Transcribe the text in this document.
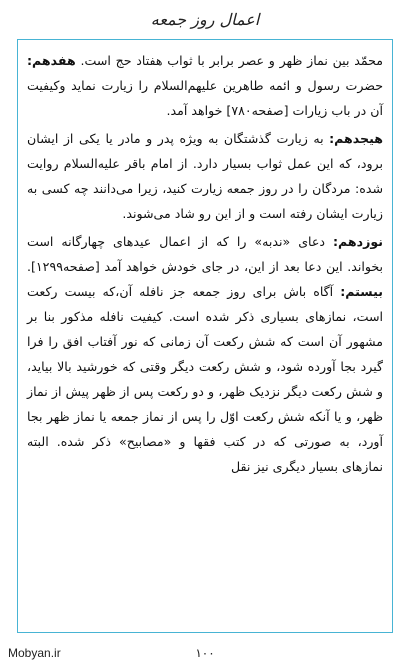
اعمال روز جمعه

محمّد بین نماز ظهر و عصر برابر با ثواب هفتاد حج است. هفدهم: حضرت رسول و ائمه طاهرین علیهم‌السلام را زیارت نماید وکیفیت آن در باب زیارات [صفحه۷۸۰] خواهد آمد.

هیجدهم: به زیارت گذشتگان به ویژه پدر و مادر یا یکی از ایشان برود، که این عمل ثواب بسیار دارد. از امام باقر علیه‌السلام روایت شده: مردگان را در روز جمعه زیارت کنید، زیرا می‌دانند چه کسی به زیارت ایشان رفته است و از این رو شاد می‌شوند.

نوزدهم: دعای «ندبه» را که از اعمال عیدهای چهارگانه است بخواند. این دعا بعد از این، در جای خودش خواهد آمد [صفحه۱۲۹۹]. بیستم: آگاه باش برای روز جمعه جز نافله آن،که بیست رکعت است، نمازهای بسیاری ذکر شده است. کیفیت نافله مذکور بنا بر مشهور آن است که شش رکعت آن زمانی که نور آفتاب افق را فرا گیرد بجا آورده شود، و شش رکعت دیگر وقتی که خورشید بالا بیاید، و شش رکعت دیگر نزدیک ظهر، و دو رکعت پس از ظهر پیش از نماز ظهر، و یا آنکه شش رکعت اوّل را پس از نماز جمعه یا نماز ظهر بجا آورد، به صورتی که در کتب فقها و «مصابیح» ذکر شده. البته نمازهای بسیار دیگری نیز نقل

Mobyan.ir	۱۰۰
